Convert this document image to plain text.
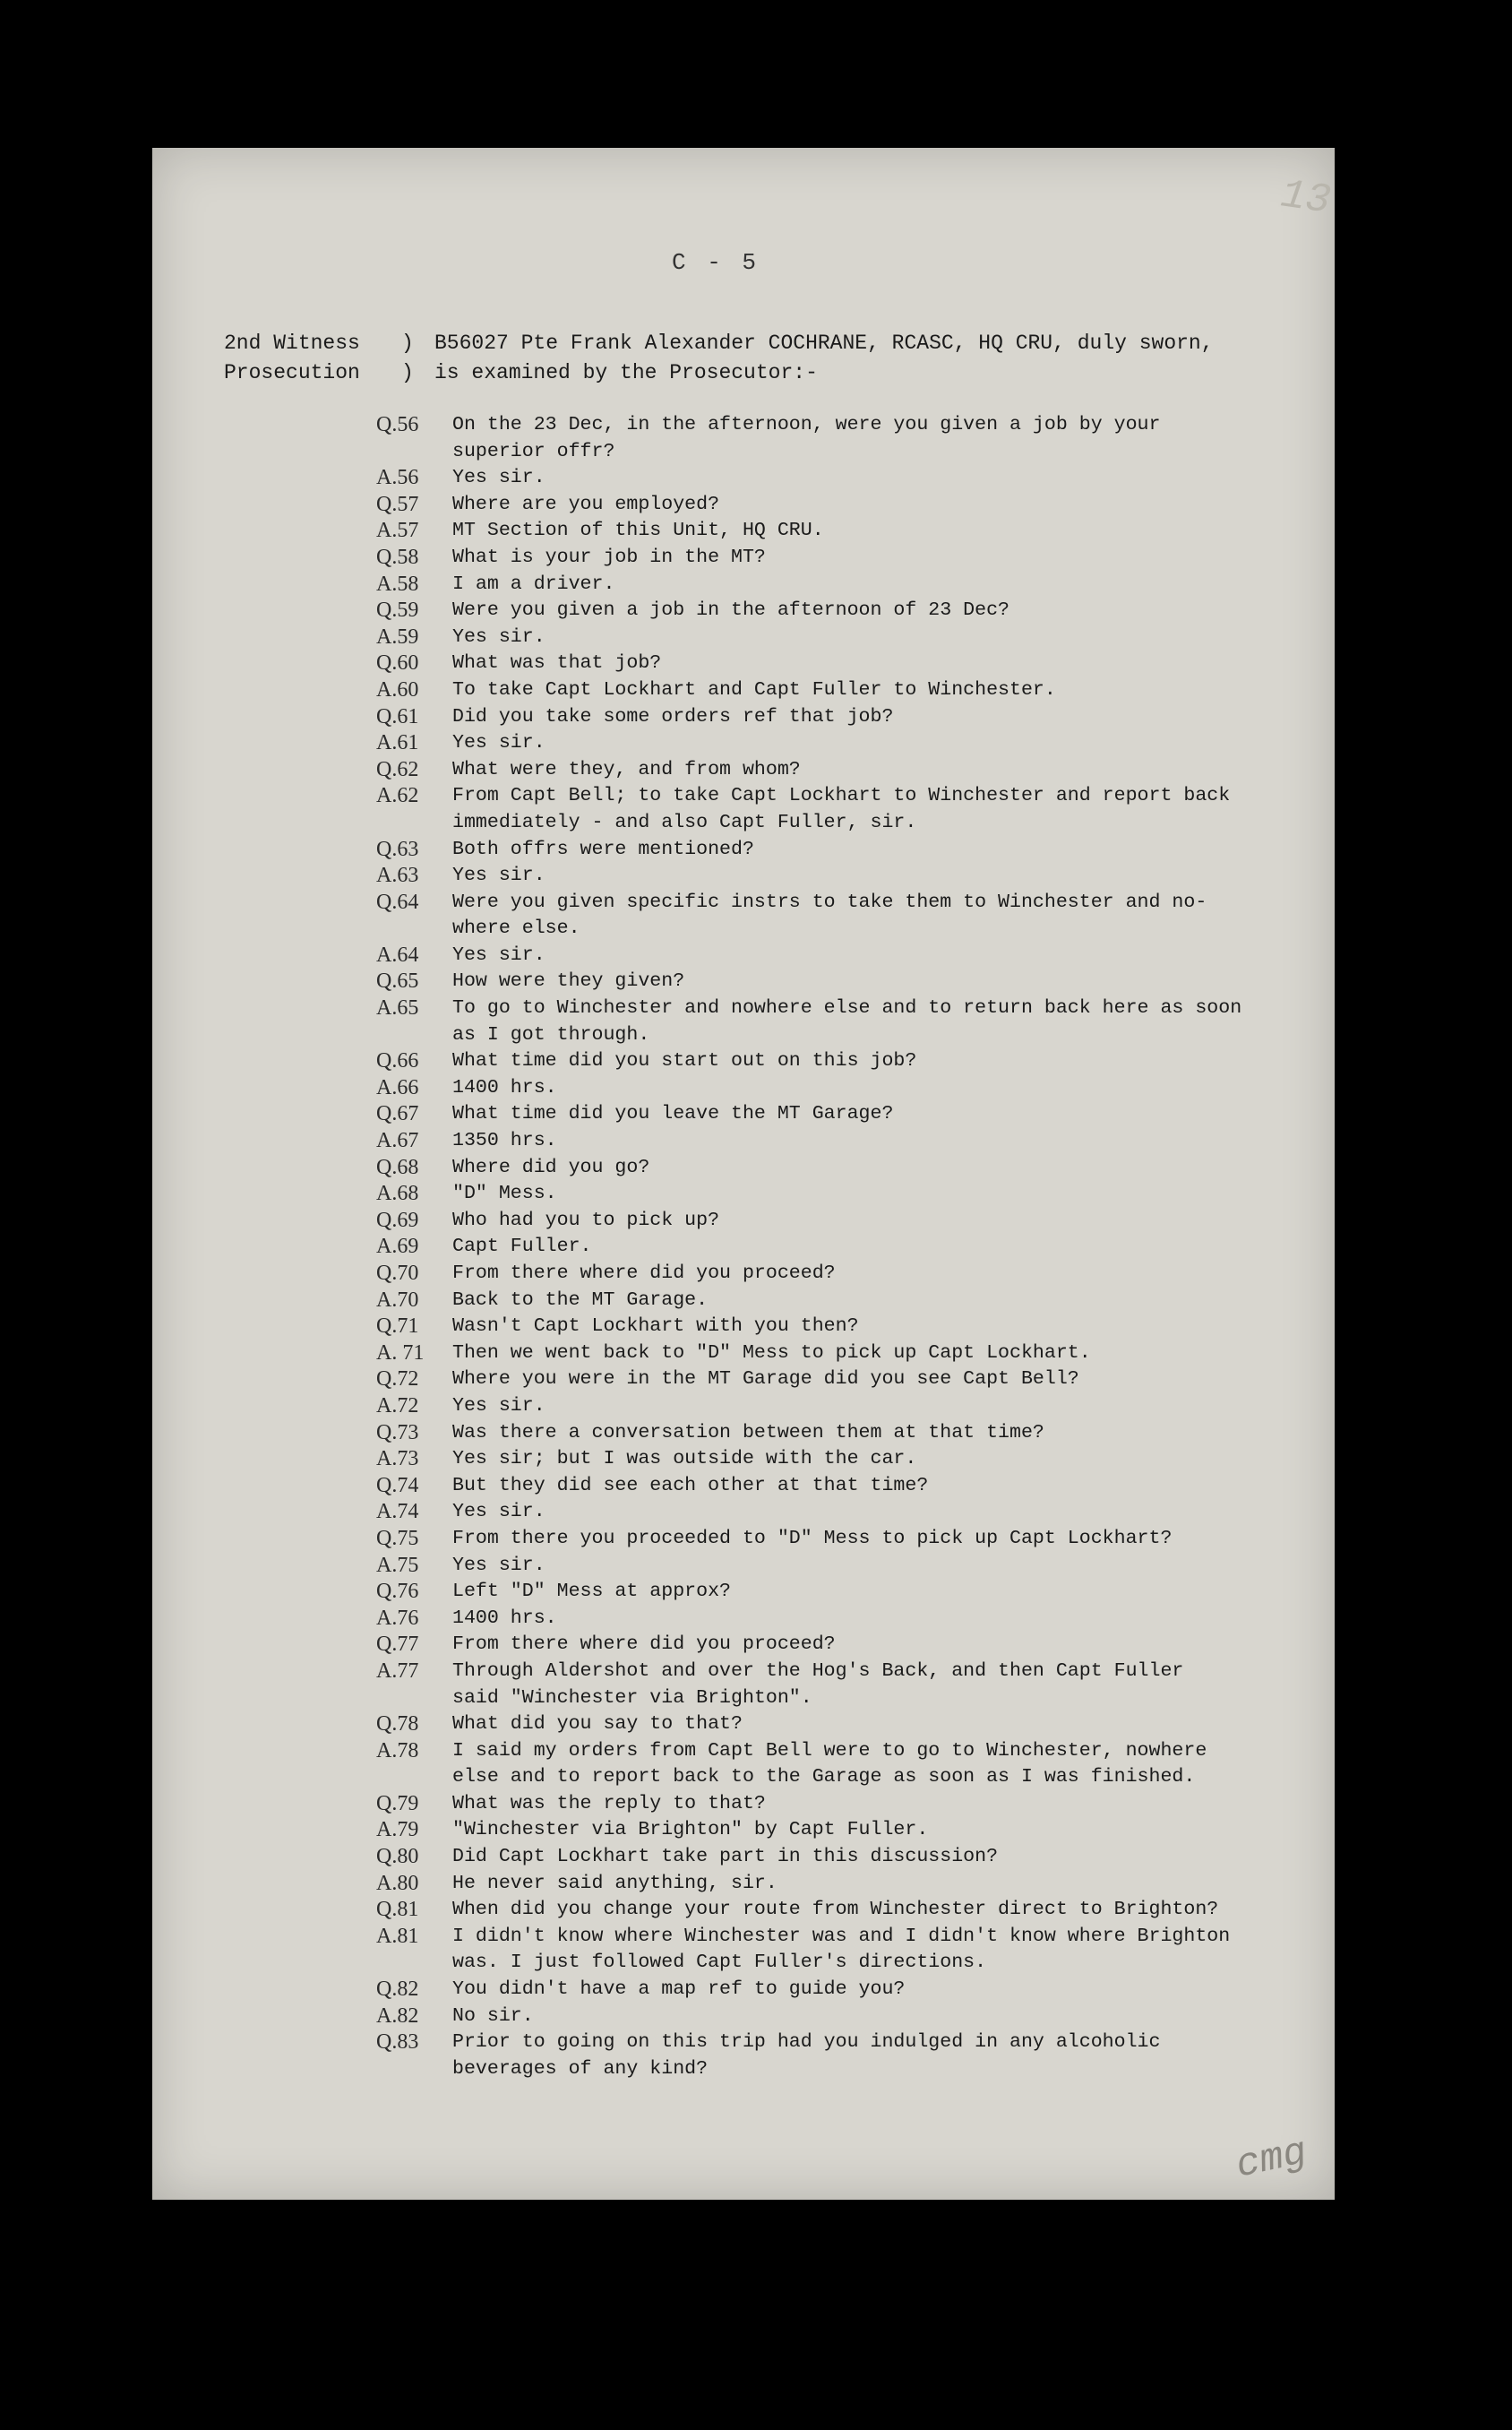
13
C - 5
2nd Witness	) B56027 Pte Frank Alexander COCHRANE, RCASC, HQ CRU, duly sworn,
Prosecution	) is examined by the Prosecutor:-
Q.56	On the 23 Dec, in the afternoon, were you given a job by your
superior offr?
A.56	Yes sir.
Q.57	Where are you employed?
A.57	MT Section of this Unit, HQ CRU.
Q.58	What is your job in the MT?
A.58	I am a driver.
Q.59	Were you given a job in the afternoon of 23 Dec?
A.59	Yes sir.
Q.60	What was that job?
A.60	To take Capt Lockhart and Capt Fuller to Winchester.
Q.61	Did you take some orders ref that job?
A.61	Yes sir.
Q.62	What were they, and from whom?
A.62	From Capt Bell; to take Capt Lockhart to Winchester and report back
immediately - and also Capt Fuller, sir.
Q.63	Both offrs were mentioned?
A.63	Yes sir.
Q.64	Were you given specific instrs to take them to Winchester and no-
where else.
A.64	Yes sir.
Q.65	How were they given?
A.65	To go to Winchester and nowhere else and to return back here as soon
as I got through.
Q.66	What time did you start out on this job?
A.66	1400 hrs.
Q.67	What time did you leave the MT Garage?
A.67	1350 hrs.
Q.68	Where did you go?
A.68	"D" Mess.
Q.69	Who had you to pick up?
A.69	Capt Fuller.
Q.70	From there where did you proceed?
A.70	Back to the MT Garage.
Q.71	Wasn't Capt Lockhart with you then?
A. 71	Then we went back to "D" Mess to pick up Capt Lockhart.
Q.72	Where you were in the MT Garage did you see Capt Bell?
A.72	Yes sir.
Q.73	Was there a conversation between them at that time?
A.73	Yes sir; but I was outside with the car.
Q.74	But they did see each other at that time?
A.74	Yes sir.
Q.75	From there you proceeded to "D" Mess to pick up Capt Lockhart?
A.75	Yes sir.
Q.76	Left "D" Mess at approx?
A.76	1400 hrs.
Q.77	From there where did you proceed?
A.77	Through Aldershot and over the Hog's Back, and then Capt Fuller
said "Winchester via Brighton".
Q.78	What did you say to that?
A.78	I said my orders from Capt Bell were to go to Winchester, nowhere
else and to report back to the Garage as soon as I was finished.
Q.79	What was the reply to that?
A.79	"Winchester via Brighton" by Capt Fuller.
Q.80	Did Capt Lockhart take part in this discussion?
A.80	He never said anything, sir.
Q.81	When did you change your route from Winchester direct to Brighton?
A.81	I didn't know where Winchester was and I didn't know where Brighton
was. I just followed Capt Fuller's directions.
Q.82	You didn't have a map ref to guide you?
A.82	No sir.
Q.83	Prior to going on this trip had you indulged in any alcoholic
beverages of any kind?
cmg
